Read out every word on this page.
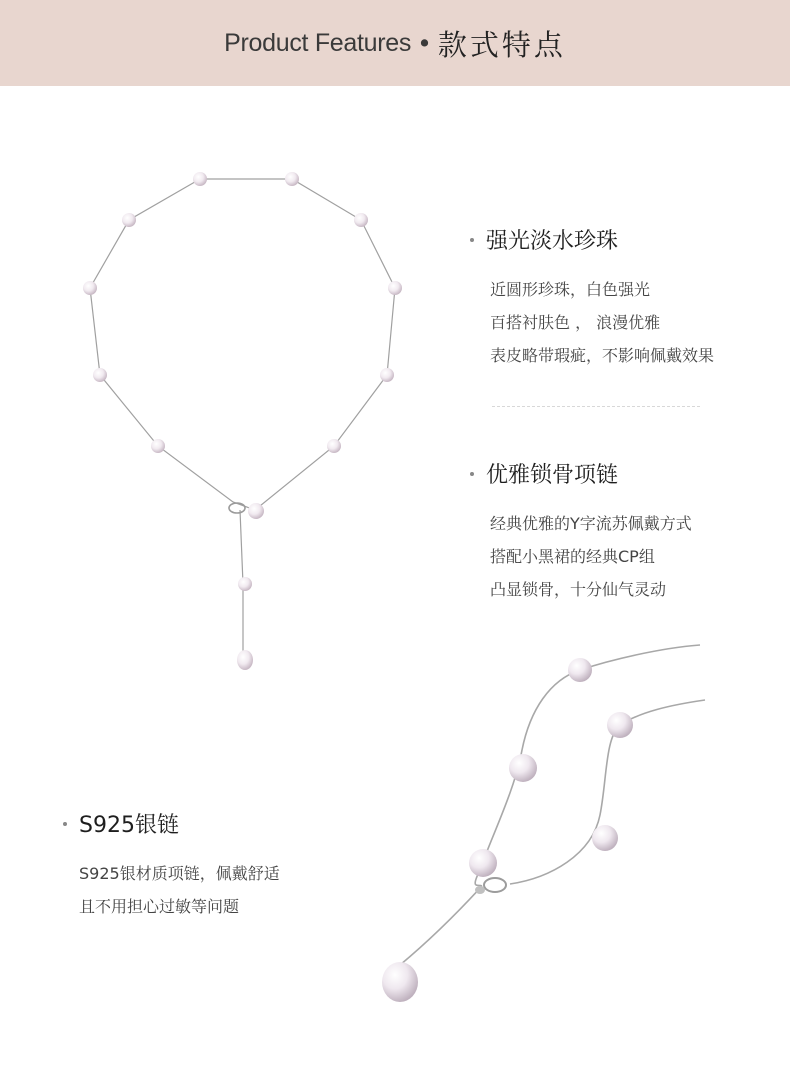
Product Features • 款式特点
强光淡水珍珠
近圆形珍珠，白色强光
百搭衬肤色 ， 浪漫优雅
表皮略带瑕疵，不影响佩戴效果
优雅锁骨项链
经典优雅的Y字流苏佩戴方式
搭配小黑裙的经典CP组
凸显锁骨，十分仙气灵动
S925银链
S925银材质项链，佩戴舒适
且不用担心过敏等问题
